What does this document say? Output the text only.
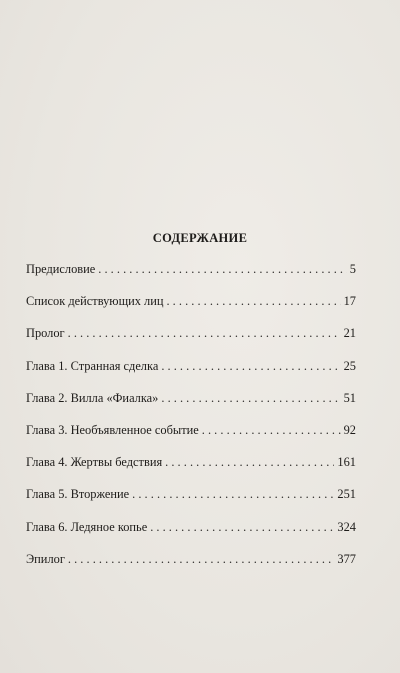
СОДЕРЖАНИЕ
Предисловие . . .	5
Список действующих лиц . . .	17
Пролог . . .	21
Глава 1. Странная сделка . . .	25
Глава 2. Вилла «Фиалка» . . .	51
Глава 3. Необъявленное событие . . .	92
Глава 4. Жертвы бедствия . . .	161
Глава 5. Вторжение . . .	251
Глава 6. Ледяное копье . . .	324
Эпилог . . .	377
